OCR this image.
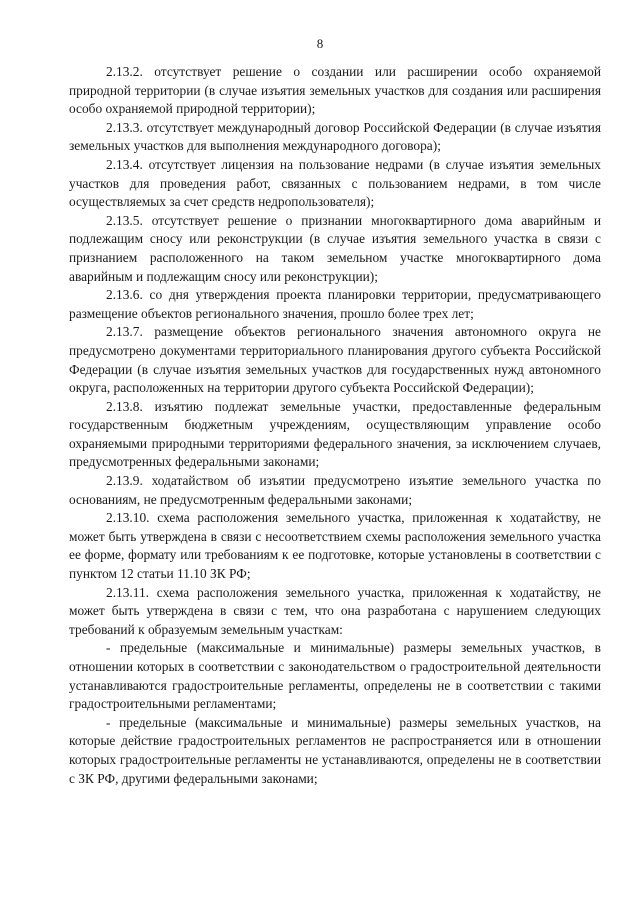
8

2.13.2. отсутствует решение о создании или расширении особо охраняемой природной территории (в случае изъятия земельных участков для создания или расширения особо охраняемой природной территории);

2.13.3. отсутствует международный договор Российской Федерации (в случае изъятия земельных участков для выполнения международного договора);

2.13.4. отсутствует лицензия на пользование недрами (в случае изъятия земельных участков для проведения работ, связанных с пользованием недрами, в том числе осуществляемых за счет средств недропользователя);

2.13.5. отсутствует решение о признании многоквартирного дома аварийным и подлежащим сносу или реконструкции (в случае изъятия земельного участка в связи с признанием расположенного на таком земельном участке многоквартирного дома аварийным и подлежащим сносу или реконструкции);

2.13.6. со дня утверждения проекта планировки территории, предусматривающего размещение объектов регионального значения, прошло более трех лет;

2.13.7. размещение объектов регионального значения автономного округа не предусмотрено документами территориального планирования другого субъекта Российской Федерации (в случае изъятия земельных участков для государственных нужд автономного округа, расположенных на территории другого субъекта Российской Федерации);

2.13.8. изъятию подлежат земельные участки, предоставленные федеральным государственным бюджетным учреждениям, осуществляющим управление особо охраняемыми природными территориями федерального значения, за исключением случаев, предусмотренных федеральными законами;

2.13.9. ходатайством об изъятии предусмотрено изъятие земельного участка по основаниям, не предусмотренным федеральными законами;

2.13.10. схема расположения земельного участка, приложенная к ходатайству, не может быть утверждена в связи с несоответствием схемы расположения земельного участка ее форме, формату или требованиям к ее подготовке, которые установлены в соответствии с пунктом 12 статьи 11.10 ЗК РФ;

2.13.11. схема расположения земельного участка, приложенная к ходатайству, не может быть утверждена в связи с тем, что она разработана с нарушением следующих требований к образуемым земельным участкам:

- предельные (максимальные и минимальные) размеры земельных участков, в отношении которых в соответствии с законодательством о градостроительной деятельности устанавливаются градостроительные регламенты, определены не в соответствии с такими градостроительными регламентами;

- предельные (максимальные и минимальные) размеры земельных участков, на которые действие градостроительных регламентов не распространяется или в отношении которых градостроительные регламенты не устанавливаются, определены не в соответствии с ЗК РФ, другими федеральными законами;
